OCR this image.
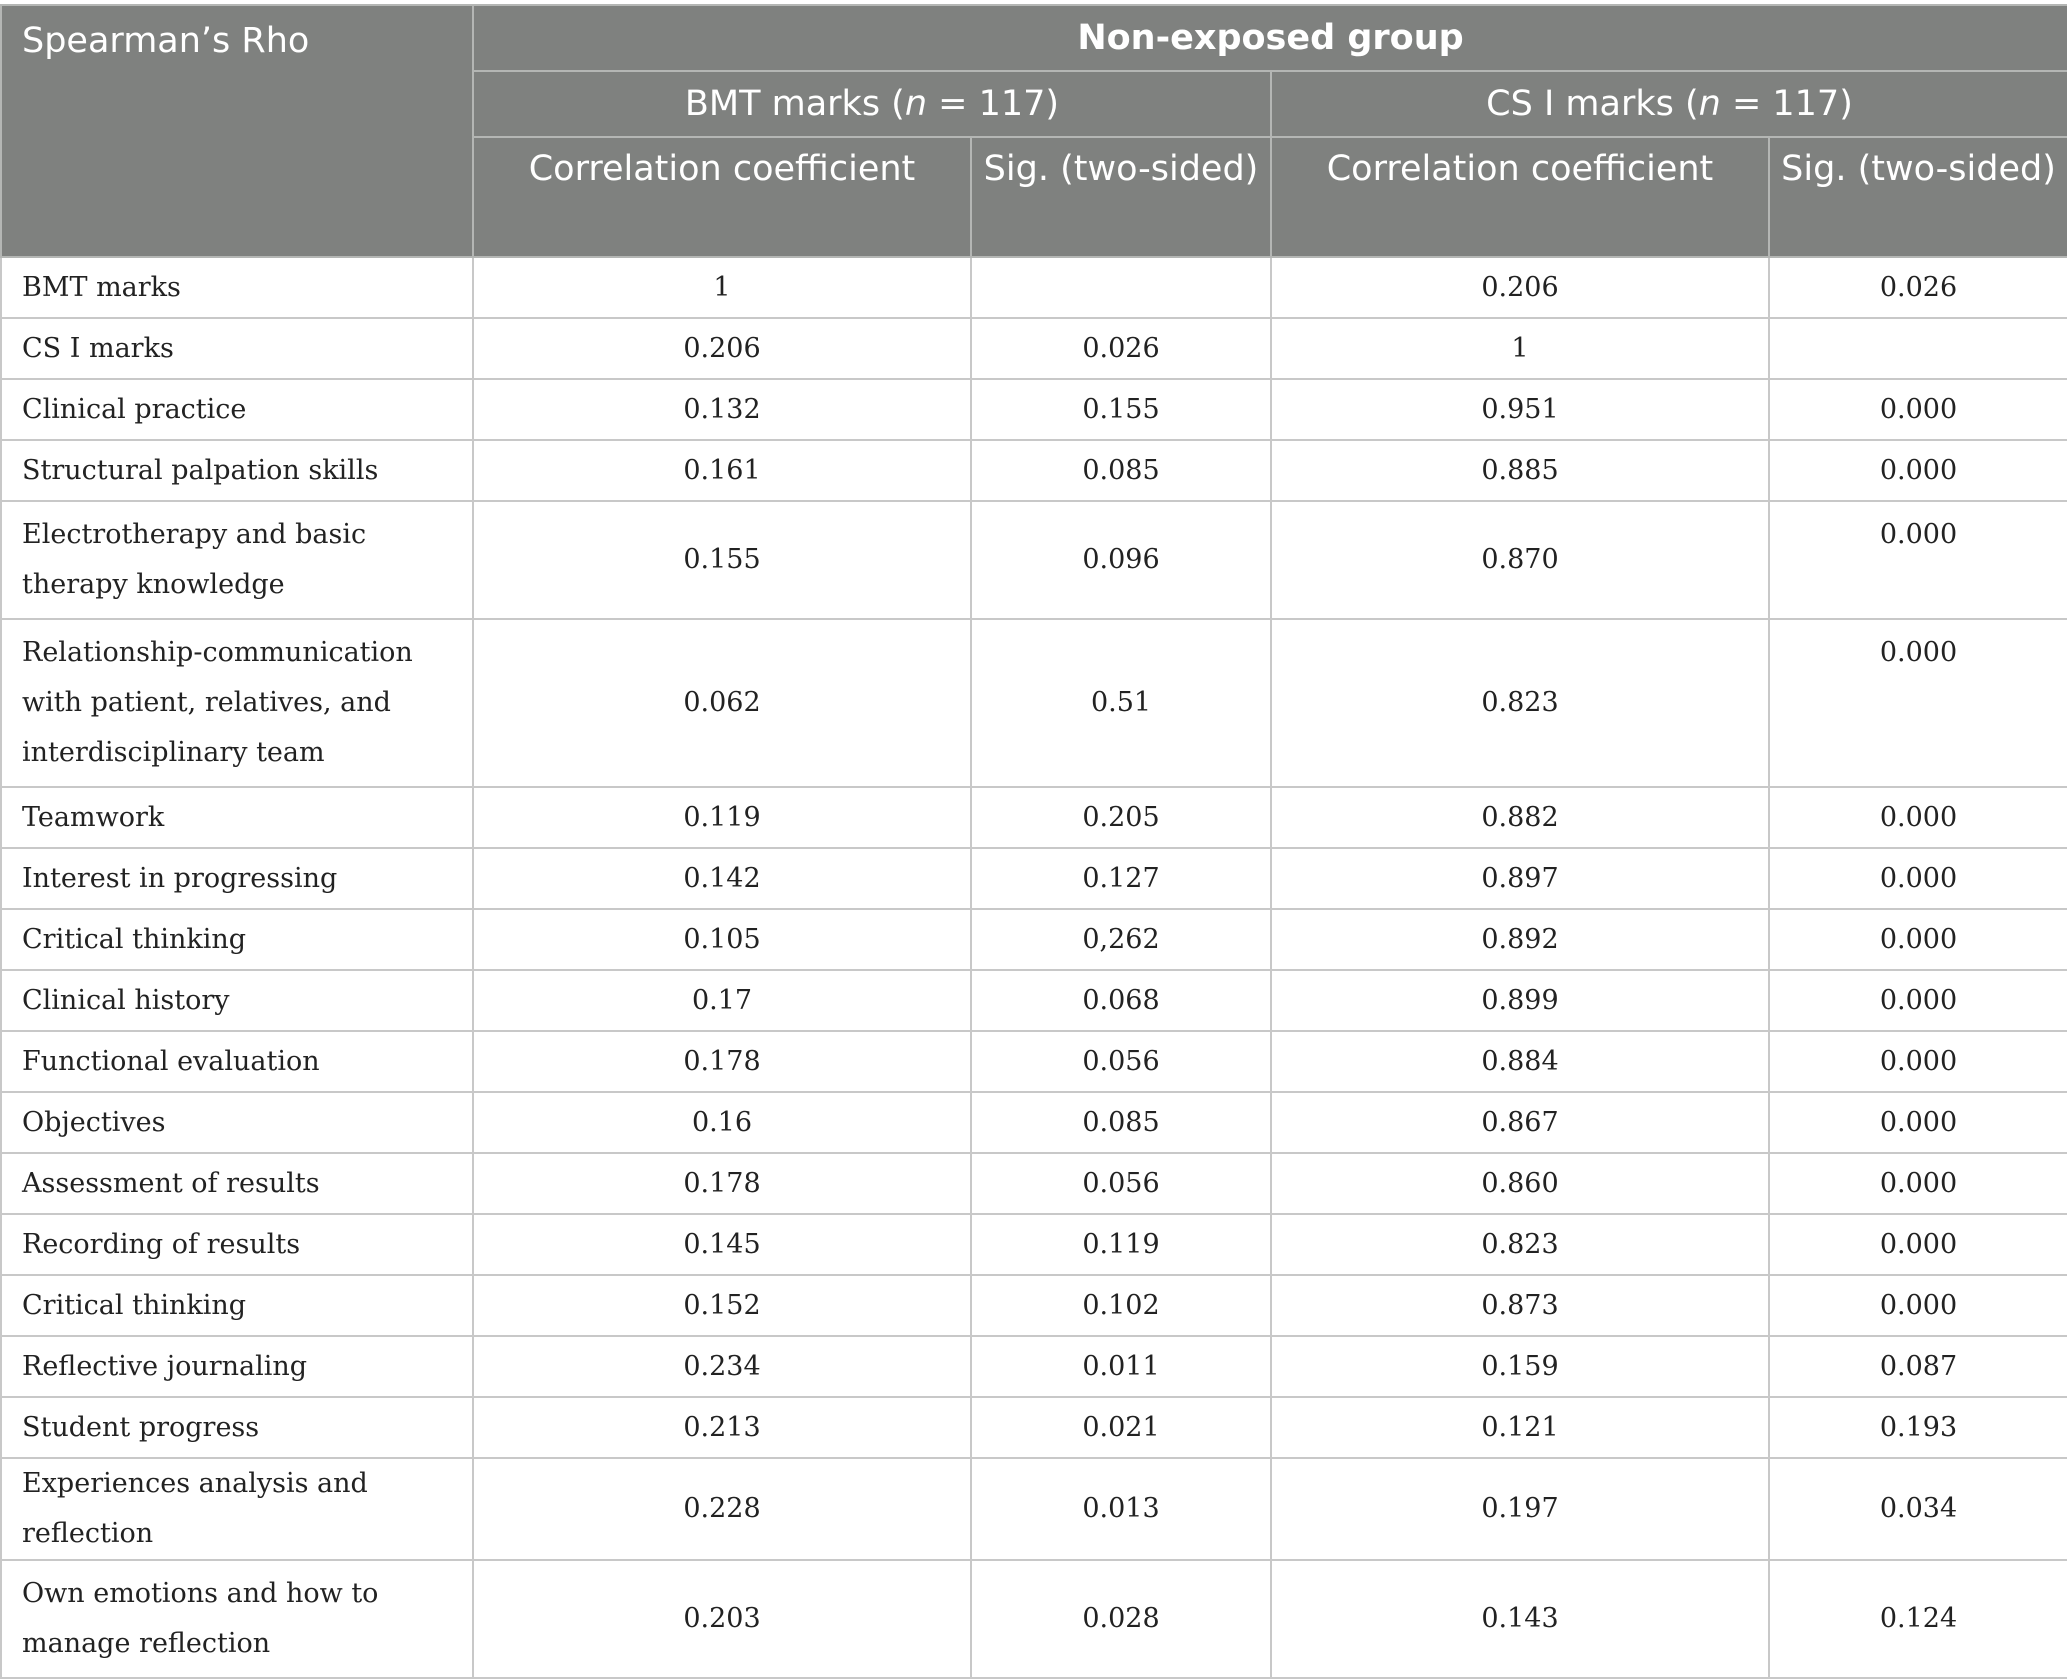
Spearman’s Rho	Non-exposed group			
	BMT marks (n = 117)		CS I marks (n = 117)	
	Correlation coefficient	Sig. (two-sided)	Correlation coefficient	Sig. (two-sided)
BMT marks	1		0.206	0.026
CS I marks	0.206	0.026	1	
Clinical practice	0.132	0.155	0.951	0.000
Structural palpation skills	0.161	0.085	0.885	0.000
Electrotherapy and basic therapy knowledge	0.155	0.096	0.870	0.000
Relationship-communication with patient, relatives, and interdisciplinary team	0.062	0.51	0.823	0.000
Teamwork	0.119	0.205	0.882	0.000
Interest in progressing	0.142	0.127	0.897	0.000
Critical thinking	0.105	0,262	0.892	0.000
Clinical history	0.17	0.068	0.899	0.000
Functional evaluation	0.178	0.056	0.884	0.000
Objectives	0.16	0.085	0.867	0.000
Assessment of results	0.178	0.056	0.860	0.000
Recording of results	0.145	0.119	0.823	0.000
Critical thinking	0.152	0.102	0.873	0.000
Reflective journaling	0.234	0.011	0.159	0.087
Student progress	0.213	0.021	0.121	0.193
Experiences analysis and reflection	0.228	0.013	0.197	0.034
Own emotions and how to manage reflection	0.203	0.028	0.143	0.124
